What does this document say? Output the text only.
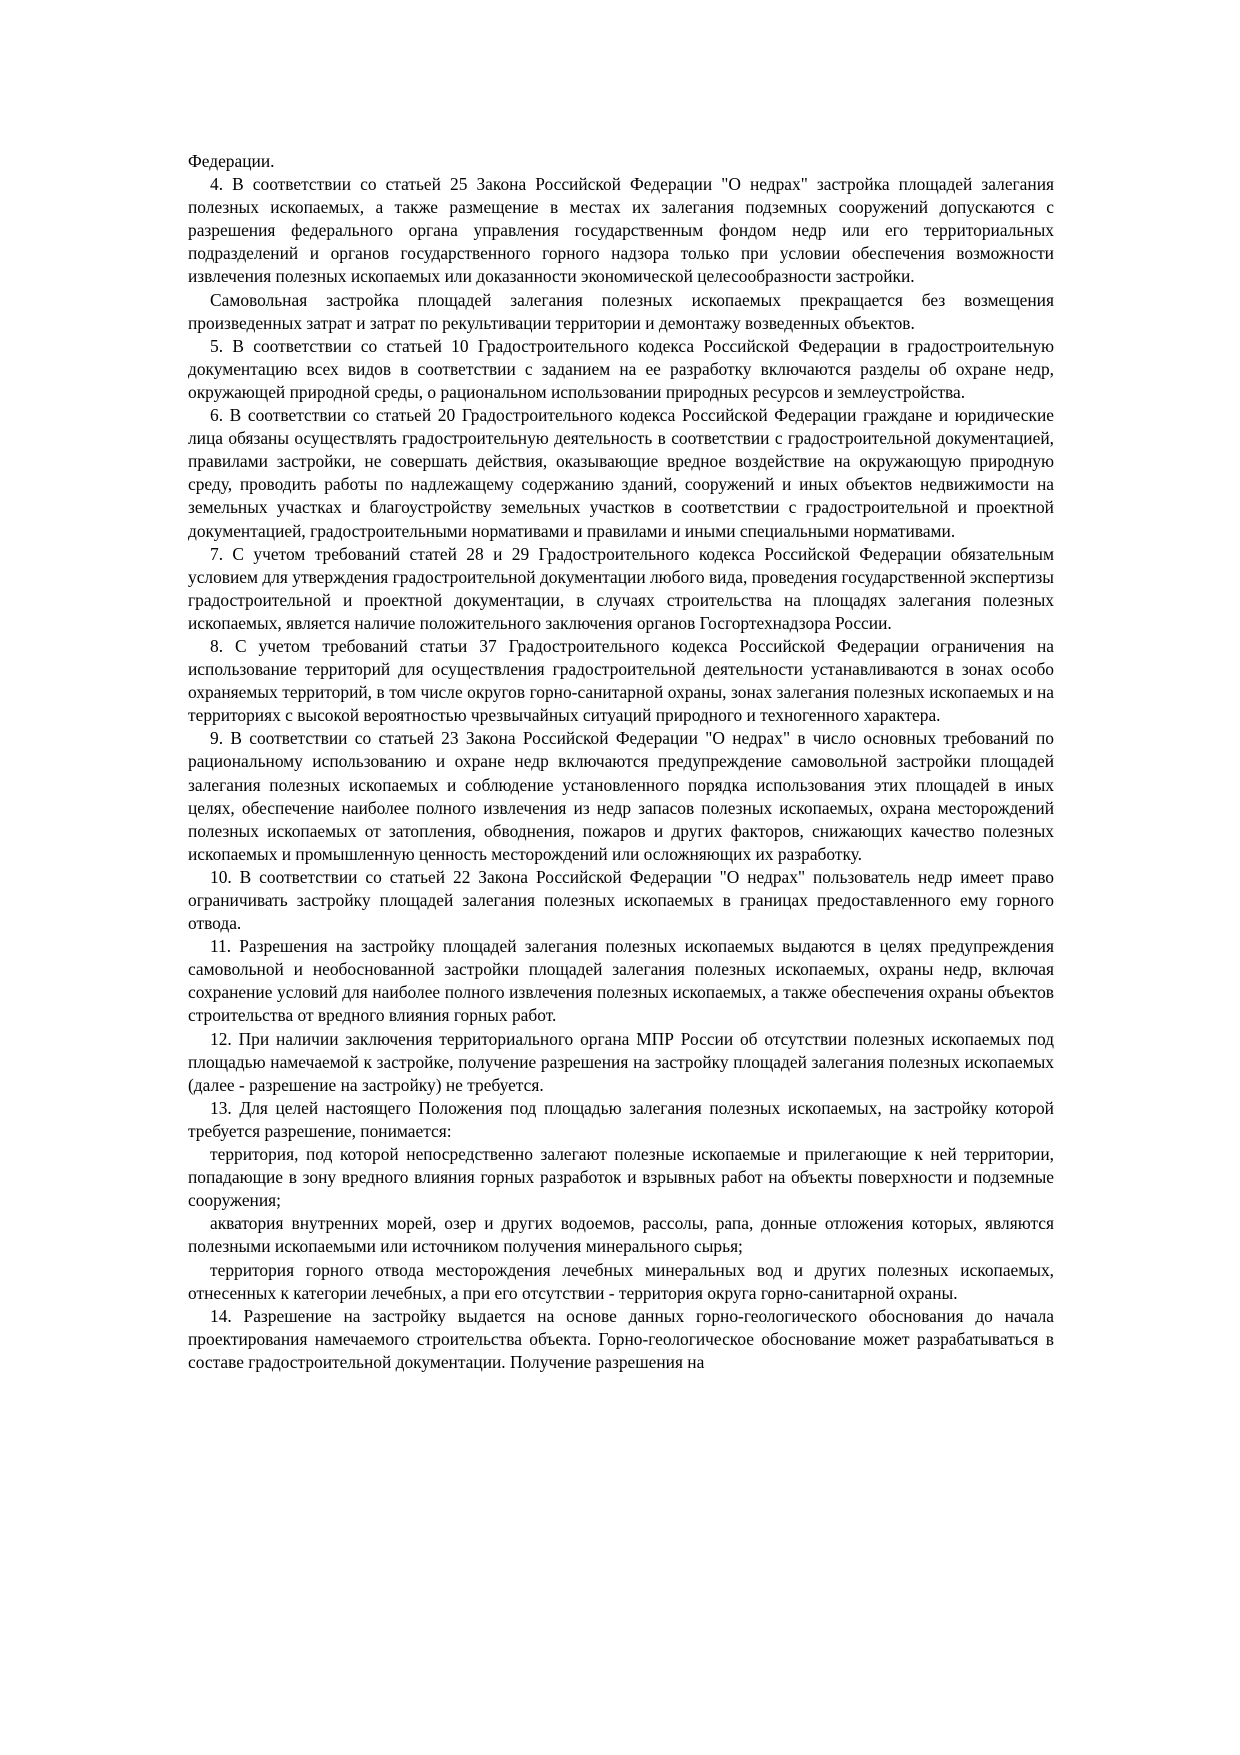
Федерации.

4. В соответствии со статьей 25 Закона Российской Федерации "О недрах" застройка площадей залегания полезных ископаемых, а также размещение в местах их залегания подземных сооружений допускаются с разрешения федерального органа управления государственным фондом недр или его территориальных подразделений и органов государственного горного надзора только при условии обеспечения возможности извлечения полезных ископаемых или доказанности экономической целесообразности застройки.

Самовольная застройка площадей залегания полезных ископаемых прекращается без возмещения произведенных затрат и затрат по рекультивации территории и демонтажу возведенных объектов.

5. В соответствии со статьей 10 Градостроительного кодекса Российской Федерации в градостроительную документацию всех видов в соответствии с заданием на ее разработку включаются разделы об охране недр, окружающей природной среды, о рациональном использовании природных ресурсов и землеустройства.

6. В соответствии со статьей 20 Градостроительного кодекса Российской Федерации граждане и юридические лица обязаны осуществлять градостроительную деятельность в соответствии с градостроительной документацией, правилами застройки, не совершать действия, оказывающие вредное воздействие на окружающую природную среду, проводить работы по надлежащему содержанию зданий, сооружений и иных объектов недвижимости на земельных участках и благоустройству земельных участков в соответствии с градостроительной и проектной документацией, градостроительными нормативами и правилами и иными специальными нормативами.

7. С учетом требований статей 28 и 29 Градостроительного кодекса Российской Федерации обязательным условием для утверждения градостроительной документации любого вида, проведения государственной экспертизы градостроительной и проектной документации, в случаях строительства на площадях залегания полезных ископаемых, является наличие положительного заключения органов Госгортехнадзора России.

8. С учетом требований статьи 37 Градостроительного кодекса Российской Федерации ограничения на использование территорий для осуществления градостроительной деятельности устанавливаются в зонах особо охраняемых территорий, в том числе округов горно-санитарной охраны, зонах залегания полезных ископаемых и на территориях с высокой вероятностью чрезвычайных ситуаций природного и техногенного характера.

9. В соответствии со статьей 23 Закона Российской Федерации "О недрах" в число основных требований по рациональному использованию и охране недр включаются предупреждение самовольной застройки площадей залегания полезных ископаемых и соблюдение установленного порядка использования этих площадей в иных целях, обеспечение наиболее полного извлечения из недр запасов полезных ископаемых, охрана месторождений полезных ископаемых от затопления, обводнения, пожаров и других факторов, снижающих качество полезных ископаемых и промышленную ценность месторождений или осложняющих их разработку.

10. В соответствии со статьей 22 Закона Российской Федерации "О недрах" пользователь недр имеет право ограничивать застройку площадей залегания полезных ископаемых в границах предоставленного ему горного отвода.

11. Разрешения на застройку площадей залегания полезных ископаемых выдаются в целях предупреждения самовольной и необоснованной застройки площадей залегания полезных ископаемых, охраны недр, включая сохранение условий для наиболее полного извлечения полезных ископаемых, а также обеспечения охраны объектов строительства от вредного влияния горных работ.

12. При наличии заключения территориального органа МПР России об отсутствии полезных ископаемых под площадью намечаемой к застройке, получение разрешения на застройку площадей залегания полезных ископаемых (далее - разрешение на застройку) не требуется.

13. Для целей настоящего Положения под площадью залегания полезных ископаемых, на застройку которой требуется разрешение, понимается:

территория, под которой непосредственно залегают полезные ископаемые и прилегающие к ней территории, попадающие в зону вредного влияния горных разработок и взрывных работ на объекты поверхности и подземные сооружения;

акватория внутренних морей, озер и других водоемов, рассолы, рапа, донные отложения которых, являются полезными ископаемыми или источником получения минерального сырья;

территория горного отвода месторождения лечебных минеральных вод и других полезных ископаемых, отнесенных к категории лечебных, а при его отсутствии - территория округа горно-санитарной охраны.

14. Разрешение на застройку выдается на основе данных горно-геологического обоснования до начала проектирования намечаемого строительства объекта. Горно-геологическое обоснование может разрабатываться в составе градостроительной документации. Получение разрешения на
